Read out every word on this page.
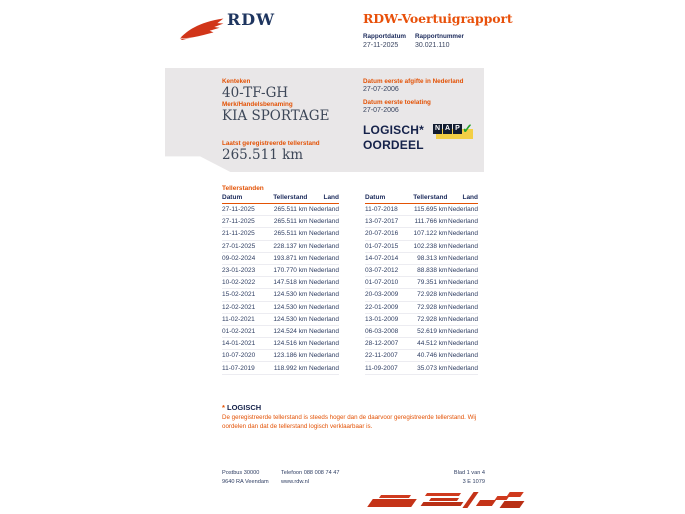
RDW	RDW-Voertuigrapport
Rapportdatum Rapportnummer
27-11-2025 30.021.110
Kenteken
40-TF-GH
Merk/Handelsbenaming
KIA SPORTAGE
Laatst geregistreerde tellerstand
265.511 km
Datum eerste afgifte in Nederland
27-07-2006
Datum eerste toelating
27-07-2006
LOGISCH*
OORDEEL
N A P ✓
Tellerstanden
Datum	Tellerstand	Land
27-11-2025	265.511 km	Nederland
27-11-2025	265.511 km	Nederland
21-11-2025	265.511 km	Nederland
27-01-2025	228.137 km	Nederland
09-02-2024	193.871 km	Nederland
23-01-2023	170.770 km	Nederland
10-02-2022	147.518 km	Nederland
15-02-2021	124.530 km	Nederland
12-02-2021	124.530 km	Nederland
11-02-2021	124.530 km	Nederland
01-02-2021	124.524 km	Nederland
14-01-2021	124.516 km	Nederland
10-07-2020	123.186 km	Nederland
11-07-2019	118.992 km	Nederland
Datum	Tellerstand	Land
11-07-2018	115.695 km	Nederland
13-07-2017	111.766 km	Nederland
20-07-2016	107.122 km	Nederland
01-07-2015	102.238 km	Nederland
14-07-2014	98.313 km	Nederland
03-07-2012	88.838 km	Nederland
01-07-2010	79.351 km	Nederland
20-03-2009	72.928 km	Nederland
22-01-2009	72.928 km	Nederland
13-01-2009	72.928 km	Nederland
06-03-2008	52.619 km	Nederland
28-12-2007	44.512 km	Nederland
22-11-2007	40.746 km	Nederland
11-09-2007	35.073 km	Nederland
* LOGISCH
De geregistreerde tellerstand is steeds hoger dan de daarvoor geregistreerde tellerstand. Wij oordelen dan dat de tellerstand logisch verklaarbaar is.
Postbus 30000
9640 RA Veendam
Telefoon 088 008 74 47
www.rdw.nl
Blad 1 van 4
3 E 1079
